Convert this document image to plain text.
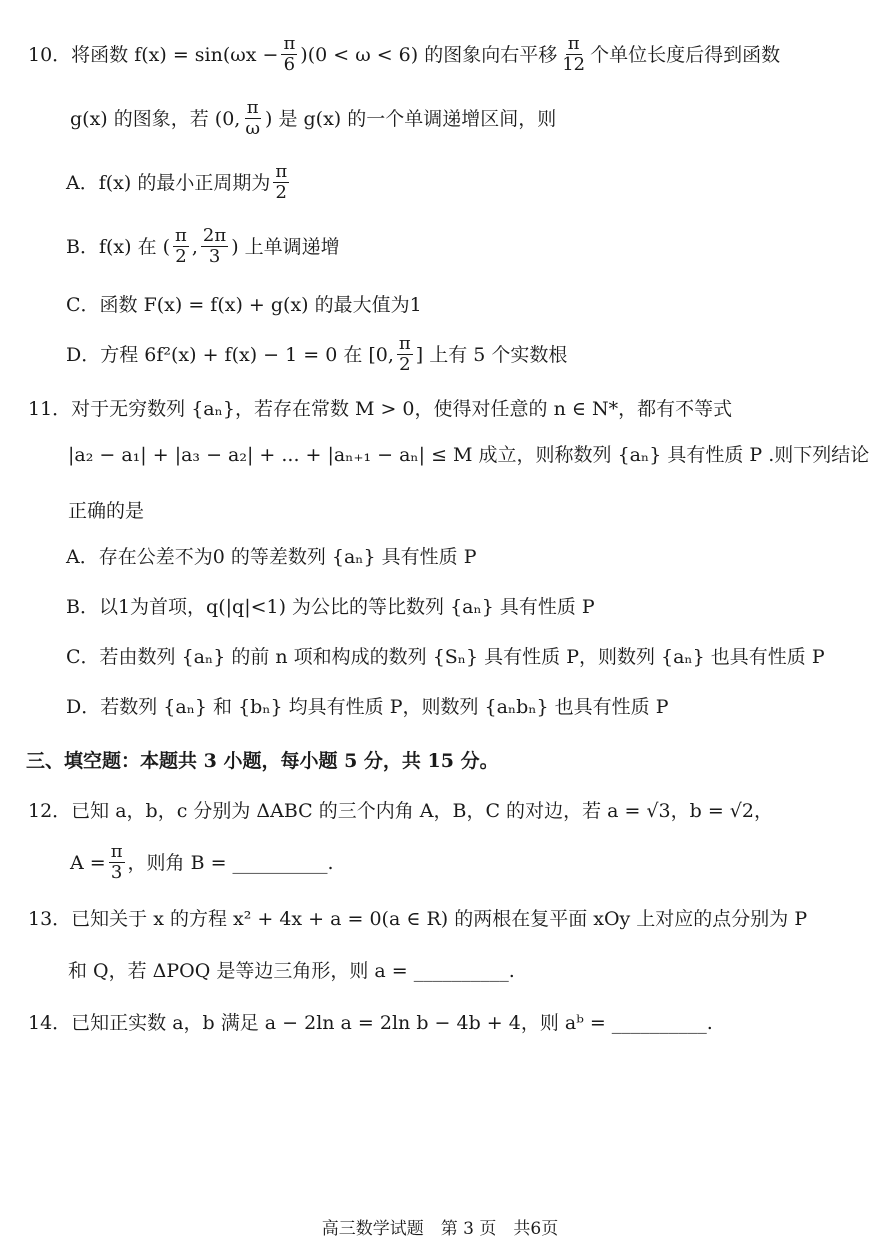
10．将函数 $f(x) = \sin(\omega x - \frac{\pi}{6} )(0 < \omega < 6)$ 的图象向右平移 $\frac{\pi}{12}$ 个单位长度后得到函数
g(x) 的图象，若 (0, $\frac{\pi}{\omega}$ ) 是 g(x) 的一个单调递增区间，则
A．f(x) 的最小正周期为 $\frac{\pi}{2}$
B．f(x) 在 ( $\frac{\pi}{2}$ , $\frac{2\pi}{3}$ ) 上单调递增
C．函数 F(x) = f(x) + g(x) 的最大值为1
D．方程 6f²(x) + f(x) − 1 = 0 在 [0, $\frac{\pi}{2}$ ] 上有 5 个实数根
11．对于无穷数列 {aₙ}，若存在常数 M > 0，使得对任意的 n ∈ N*，都有不等式
|a₂ − a₁| + |a₃ − a₂| + ... + |aₙ₊₁ − aₙ| ≤ M 成立，则称数列 {aₙ} 具有性质 P .则下列结论
正确的是
A．存在公差不为0 的等差数列 {aₙ} 具有性质 P
B．以1为首项，q(|q|<1) 为公比的等比数列 {aₙ} 具有性质 P
C．若由数列 {aₙ} 的前 n 项和构成的数列 {Sₙ} 具有性质 P，则数列 {aₙ} 也具有性质 P
D．若数列 {aₙ} 和 {bₙ} 均具有性质 P，则数列 {aₙbₙ} 也具有性质 P
三、填空题：本题共 3 小题，每小题 5 分，共 15 分。
12．已知 a，b，c 分别为 ΔABC 的三个内角 A，B，C 的对边，若 a = √3，b = √2，
$A = \frac{\pi}{3}$ ，则角 B = __________.
13．已知关于 x 的方程 x² + 4x + a = 0(a ∈ R) 的两根在复平面 xOy 上对应的点分别为 P
和 Q，若 ΔPOQ 是等边三角形，则 a = __________.
14．已知正实数 a，b 满足 a − 2ln a = 2ln b − 4b + 4，则 aᵇ = __________.
高三数学试题　第 3 页　共6页
